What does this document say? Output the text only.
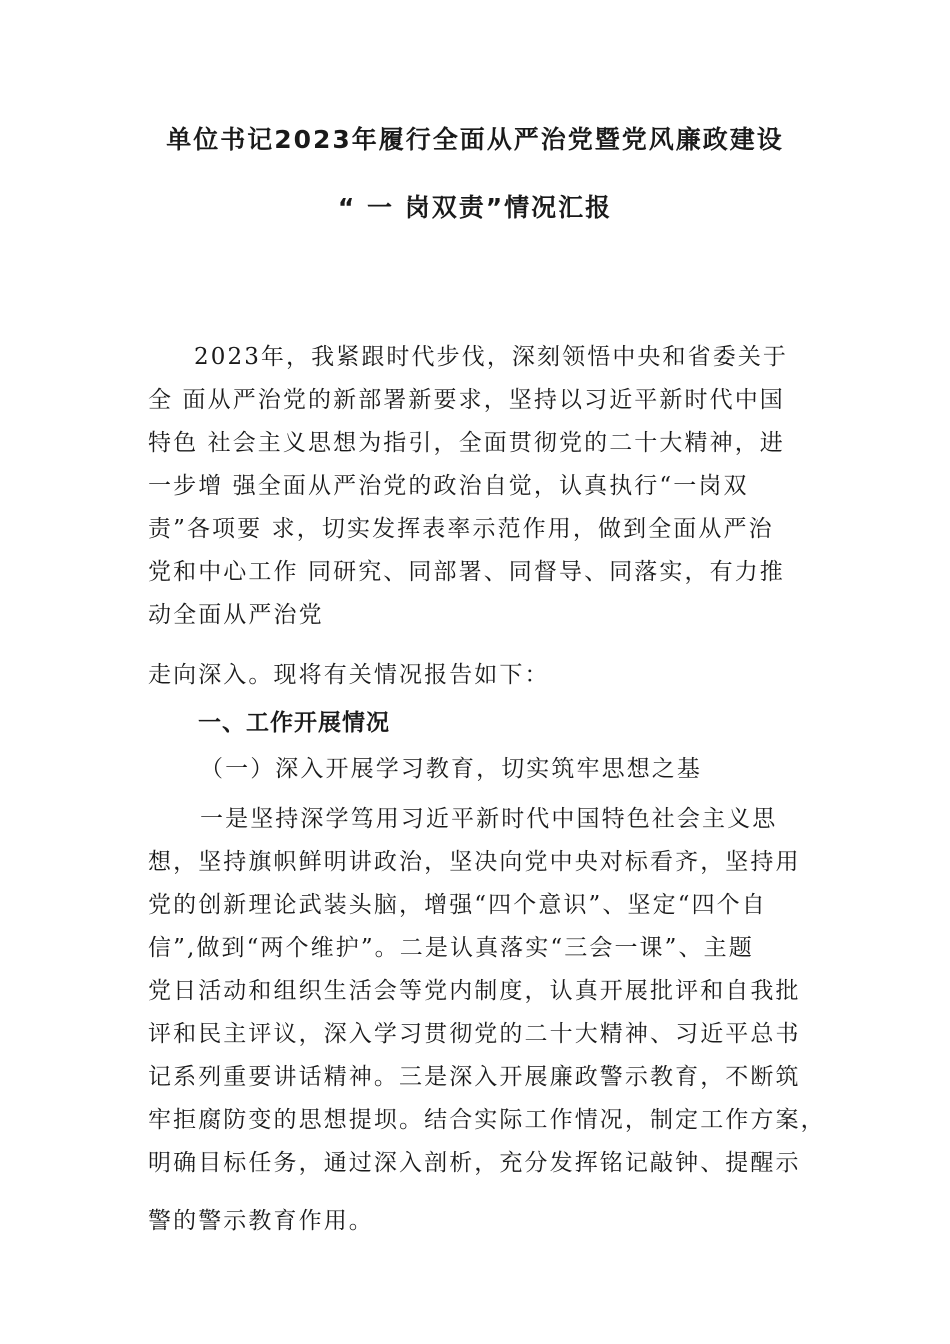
单位书记2023年履行全面从严治党暨党风廉政建设
“ 一 岗双责”情况汇报
2023年，我紧跟时代步伐，深刻领悟中央和省委关于
全 面从严治党的新部署新要求，坚持以习近平新时代中国
特色 社会主义思想为指引，全面贯彻党的二十大精神，进
一步增 强全面从严治党的政治自觉，认真执行“一岗双
责”各项要 求，切实发挥表率示范作用，做到全面从严治
党和中心工作 同研究、同部署、同督导、同落实，有力推
动全面从严治党
走向深入。现将有关情况报告如下：
一、工作开展情况
（一）深入开展学习教育，切实筑牢思想之基
一是坚持深学笃用习近平新时代中国特色社会主义思
想，坚持旗帜鲜明讲政治，坚决向党中央对标看齐，坚持用
党的创新理论武装头脑，增强“四个意识”、坚定“四个自
信”,做到“两个维护”。二是认真落实“三会一课”、主题
党日活动和组织生活会等党内制度，认真开展批评和自我批
评和民主评议，深入学习贯彻党的二十大精神、习近平总书
记系列重要讲话精神。三是深入开展廉政警示教育，不断筑
牢拒腐防变的思想提坝。结合实际工作情况，制定工作方案，
明确目标任务，通过深入剖析，充分发挥铭记敲钟、提醒示
警的警示教育作用。
